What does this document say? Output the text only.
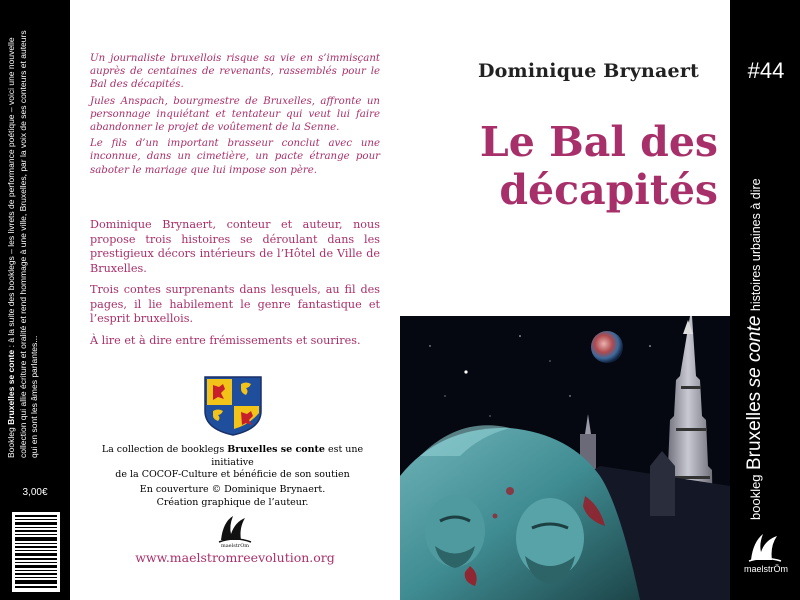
Bookleg Bruxelles se conte : à la suite des booklegs – les livrets de performance poétique – voici une nouvelle collection qui allie écriture et oralité et rend hommage à une ville, Bruxelles, par la voix de ses conteurs et auteurs qui en sont les âmes parlantes...
3,00€

Un journaliste bruxellois risque sa vie en s’immisçant auprès de centaines de revenants, rassemblés pour le Bal des décapités.

Jules Anspach, bourgmestre de Bruxelles, affronte un personnage inquiétant et tentateur qui veut lui faire abandonner le projet de voûtement de la Senne.

Le fils d’un important brasseur conclut avec une inconnue, dans un cimetière, un pacte étrange pour saboter le mariage que lui impose son père.

Dominique Brynaert, conteur et auteur, nous propose trois histoires se déroulant dans les prestigieux décors intérieurs de l’Hôtel de Ville de Bruxelles.

Trois contes surprenants dans lesquels, au fil des pages, il lie habilement le genre fantastique et l’esprit bruxellois.

À lire et à dire entre frémissements et sourires.

La collection de booklegs Bruxelles se conte est une initiative
de la COCOF-Culture et bénéficie de son soutien
En couverture © Dominique Brynaert.
Création graphique de l’auteur.
maelstrOm
www.maelstromreevolution.org
Dominique Brynaert
Le Bal des
décapités
#44
bookleg Bruxelles se conte histoires urbaines à dire
maelstrÖm
